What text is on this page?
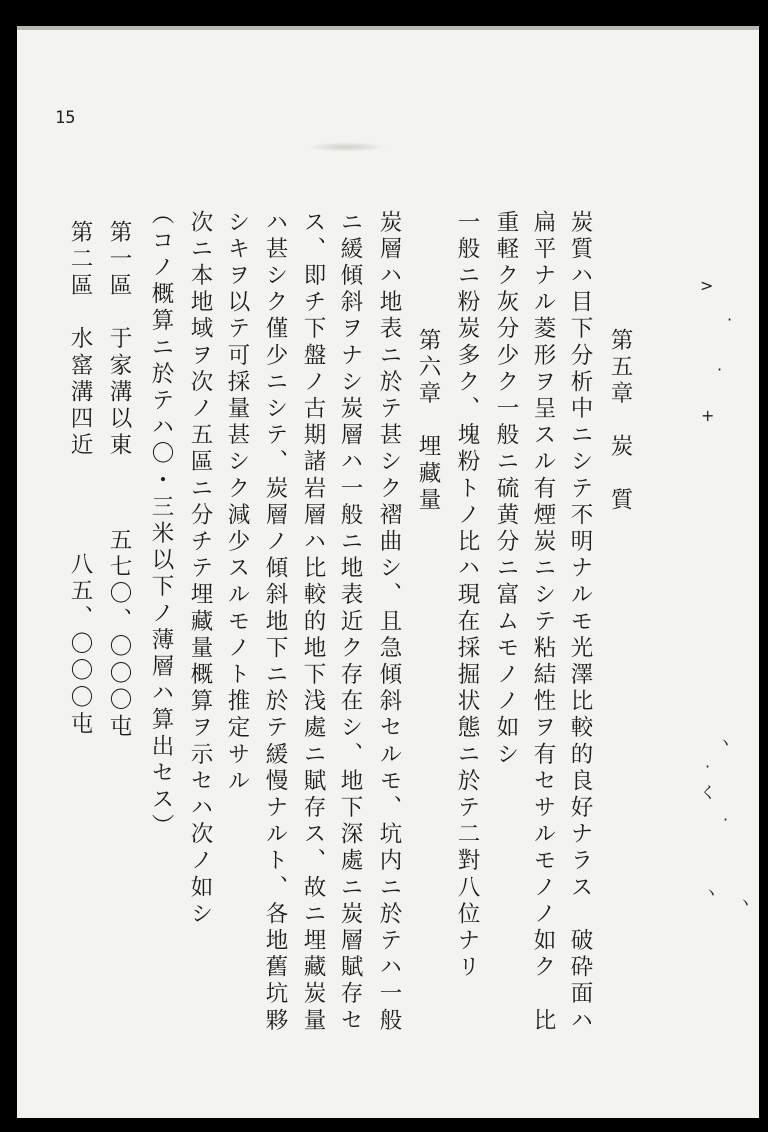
15
第五章　炭　質
炭質ハ目下分析中ニシテ不明ナルモ光澤比較的良好ナラス　破砕面ハ
扁平ナル菱形ヲ呈スル有煙炭ニシテ粘結性ヲ有セサルモノノ如ク　比
重軽ク灰分少ク一般ニ硫黄分ニ富ムモノノ如シ
一般ニ粉炭多ク、塊粉トノ比ハ現在採掘状態ニ於テ二對八位ナリ
第六章　埋藏量
炭層ハ地表ニ於テ甚シク褶曲シ、且急傾斜セルモ、坑内ニ於テハ一般
ニ緩傾斜ヲナシ炭層ハ一般ニ地表近ク存在シ、地下深處ニ炭層賦存セ
ス、即チ下盤ノ古期諸岩層ハ比較的地下浅處ニ賦存ス、故ニ埋藏炭量
ハ甚シク僅少ニシテ、炭層ノ傾斜地下ニ於テ緩慢ナルト、各地舊坑夥
シキヲ以テ可採量甚シク減少スルモノト推定サル
次ニ本地域ヲ次ノ五區ニ分チテ埋藏量概算ヲ示セハ次ノ如シ
（コノ概算ニ於テハ〇・三米以下ノ薄層ハ算出セス）
第一區　于家溝以東
五七〇、〇〇〇屯
第二區　水窰溝四近
八五、〇〇〇屯
>
·
·
+
·
ヽ
く
·
ヽ
ヽ
